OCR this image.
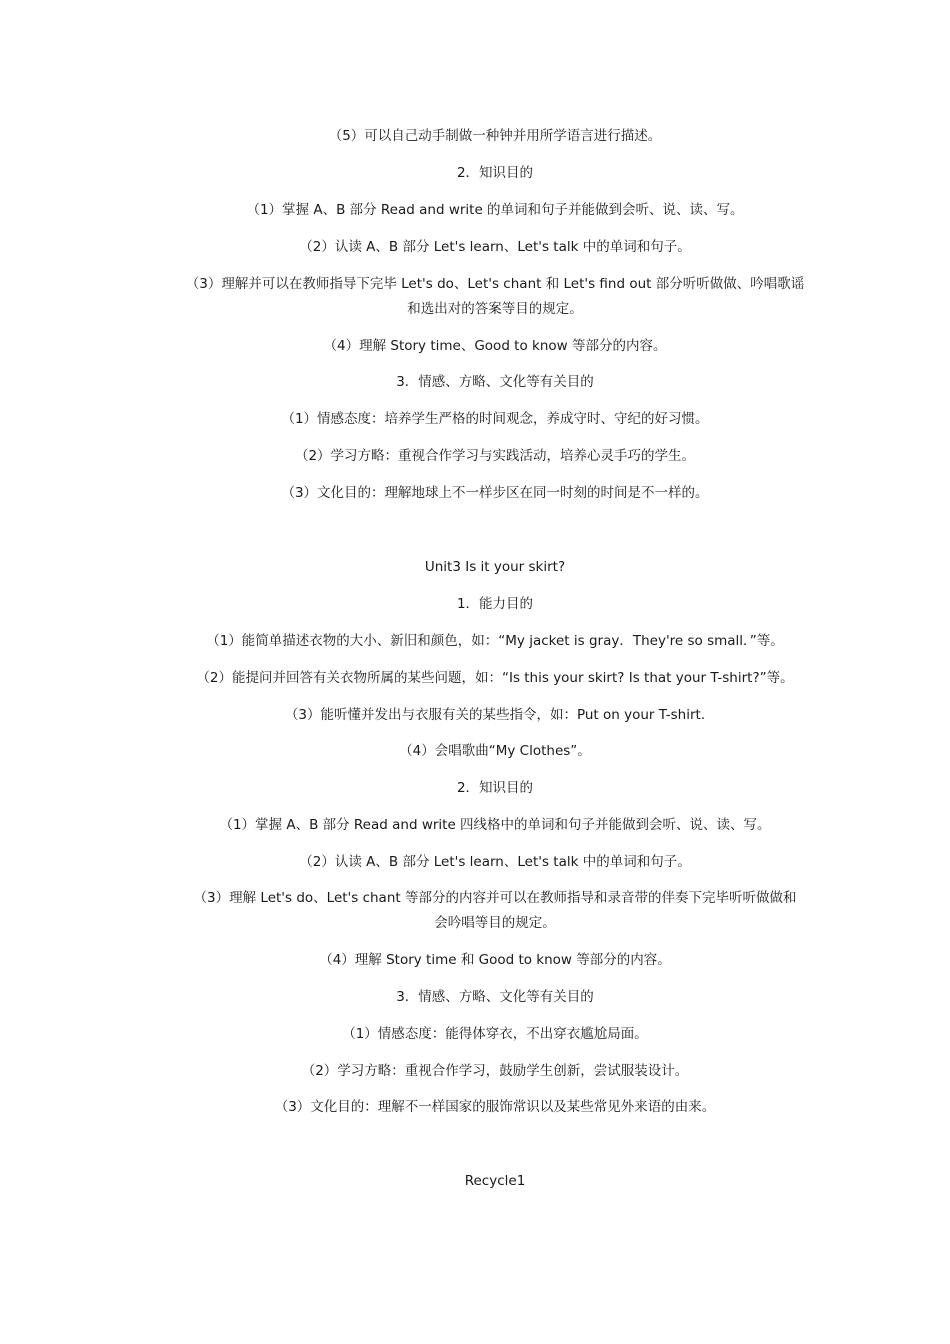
（5）可以自己动手制做一种钟并用所学语言进行描述。
2．知识目的
（1）掌握 A、B 部分 Read and write 的单词和句子并能做到会听、说、读、写。
（2）认读 A、B 部分 Let's learn、Let's talk 中的单词和句子。
（3）理解并可以在教师指导下完毕 Let's do、Let's chant 和 Let's find out 部分听听做做、吟唱歌谣
和选出对的答案等目的规定。
（4）理解 Story time、Good to know 等部分的内容。
3．情感、方略、文化等有关目的
（1）情感态度：培养学生严格的时间观念，养成守时、守纪的好习惯。
（2）学习方略：重视合作学习与实践活动，培养心灵手巧的学生。
（3）文化目的：理解地球上不一样步区在同一时刻的时间是不一样的。
Unit3 Is it your skirt?
1．能力目的
（1）能简单描述衣物的大小、新旧和颜色，如：“My jacket is gray．They're so small．”等。
（2）能提问并回答有关衣物所属的某些问题，如：“Is this your skirt? Is that your T-shirt?”等。
（3）能听懂并发出与衣服有关的某些指令，如：Put on your T-shirt.
（4）会唱歌曲“My Clothes”。
2．知识目的
（1）掌握 A、B 部分 Read and write 四线格中的单词和句子并能做到会听、说、读、写。
（2）认读 A、B 部分 Let's learn、Let's talk 中的单词和句子。
（3）理解 Let's do、Let's chant 等部分的内容并可以在教师指导和录音带的伴奏下完毕听听做做和
会吟唱等目的规定。
（4）理解 Story time 和 Good to know 等部分的内容。
3．情感、方略、文化等有关目的
（1）情感态度：能得体穿衣，不出穿衣尴尬局面。
（2）学习方略：重视合作学习，鼓励学生创新，尝试服装设计。
（3）文化目的：理解不一样国家的服饰常识以及某些常见外来语的由来。
Recycle1
